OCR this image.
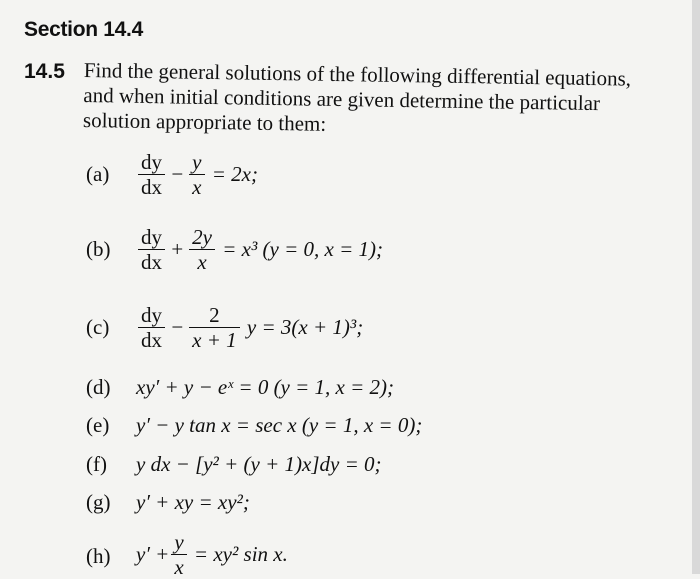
Section 14.4
14.5 Find the general solutions of the following differential equations,
and when initial conditions are given determine the particular
solution appropriate to them:
$(a) \frac{dy}{dx} - \frac{y}{x} = 2x$;
$(b) \frac{dy}{dx} + \frac{2y}{x} = x^3$ (y = 0, x = 1);
$(c) \frac{dy}{dx} - \frac{2}{x + 1}$ y = 3(x + 1)³;
(d) xy′ + y − eˣ = 0 (y = 1, x = 2);
(e) y′ − y tan x = sec x (y = 1, x = 0);
(f) y dx − [y² + (y + 1)x]dy = 0;
(g) y′ + xy = xy²;
(h) $y' + \frac{y}{x} = xy^2$ sin x.
